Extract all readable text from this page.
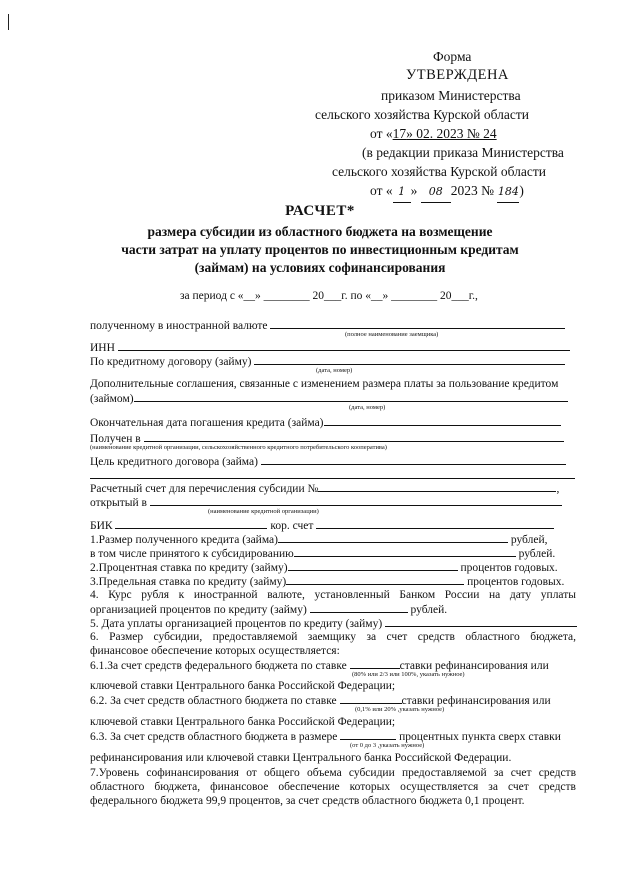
Форма
УТВЕРЖДЕНА
приказом Министерства
сельского хозяйства Курской области
от «17» 02. 2023 № 24
(в редакции приказа Министерства
сельского хозяйства Курской области
от « 1 » 08 2023 № 184)
РАСЧЕТ*
размера субсидии из областного бюджета на возмещение
части затрат на уплату процентов по инвестиционным кредитам
(займам) на условиях софинансирования
за период с «__» ________ 20___г. по «__» ________ 20___г.,
полученному в иностранной валюте
(полное наименование заемщика)
ИНН
По кредитному договору (займу)
(дата, номер)
Дополнительные соглашения, связанные с изменением размера платы за пользование кредитом
(займом)
(дата, номер)
Окончательная дата погашения кредита (займа)
Получен в
(наименование кредитной организации, сельскохозяйственного кредитного потребительского кооператива)
Цель кредитного договора (займа)
Расчетный счет для перечисления субсидии №	,
открытый в
(наименование кредитной организации)
БИК	кор. счет
1.Размер полученного кредита (займа)	рублей,
в том числе принятого к субсидированию	рублей.
2.Процентная ставка по кредиту (займу)	процентов годовых.
3.Предельная ставка по кредиту (займу)	процентов годовых.
4. Курс рубля к иностранной валюте, установленный Банком России на дату уплаты
организацией процентов по кредиту (займу)	рублей.
5. Дата уплаты организацией процентов по кредиту (займу)
6. Размер субсидии, предоставляемой заемщику за счет средств областного бюджета,
финансовое обеспечение которых осуществляется:
6.1.За счет средств федерального бюджета по ставке	ставки рефинансирования или
(80% или 2/3 или 100%, указать нужное)
ключевой ставки Центрального банка Российской Федерации;
6.2. За счет средств областного бюджета по ставке	ставки рефинансирования или
(0,1% или 20% ,указать нужное)
ключевой ставки Центрального банка Российской Федерации;
6.3. За счет средств областного бюджета в размере	процентных пункта сверх ставки
(от 0 до 3 ,указать нужное)
рефинансирования или ключевой ставки Центрального банка Российской Федерации.
7.Уровень софинансирования от общего объема субсидии предоставляемой за счет средств
областного бюджета, финансовое обеспечение которых осуществляется за счет средств
федерального бюджета 99,9 процентов, за счет средств областного бюджета 0,1 процент.
